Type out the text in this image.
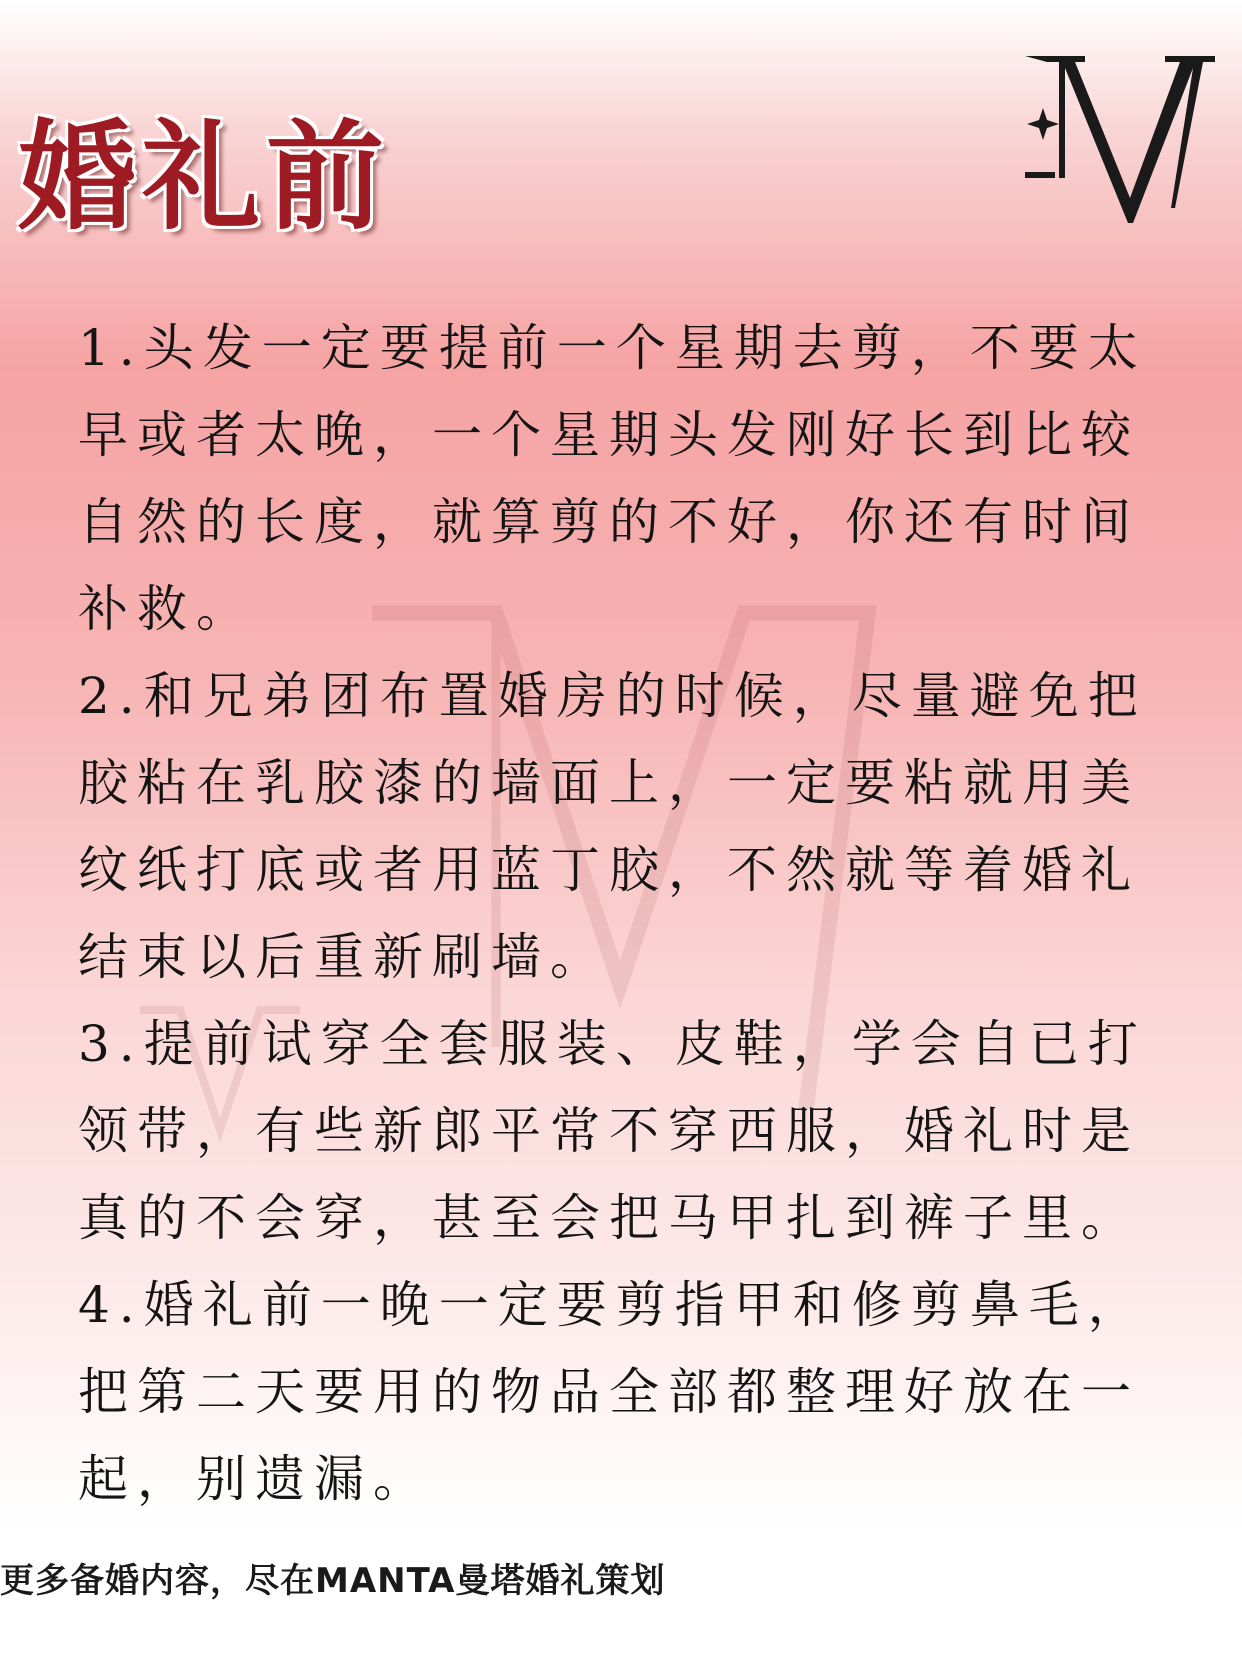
婚礼前

1.头发一定要提前一个星期去剪，不要太早或者太晚，一个星期头发刚好长到比较自然的长度，就算剪的不好，你还有时间补救。

2.和兄弟团布置婚房的时候，尽量避免把胶粘在乳胶漆的墙面上，一定要粘就用美纹纸打底或者用蓝丁胶，不然就等着婚礼结束以后重新刷墙。

3.提前试穿全套服装、皮鞋，学会自已打领带，有些新郎平常不穿西服，婚礼时是真的不会穿，甚至会把马甲扎到裤子里。

4.婚礼前一晚一定要剪指甲和修剪鼻毛，把第二天要用的物品全部都整理好放在一起，别遗漏。

更多备婚内容，尽在MANTA曼塔婚礼策划
